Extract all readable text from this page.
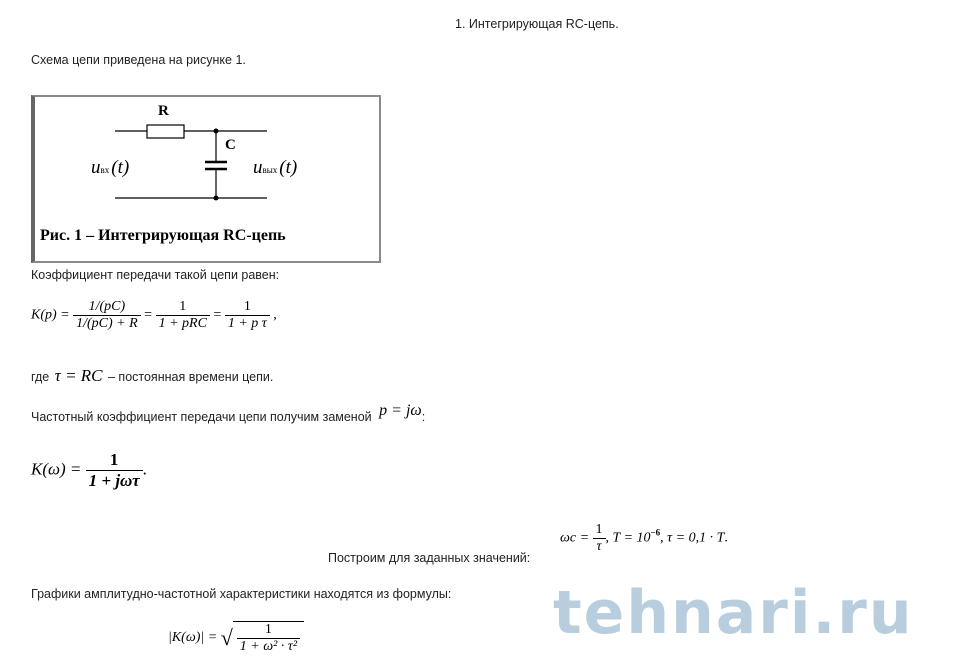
1. Интегрирующая RC-цепь.
Схема цепи приведена на рисунке 1.
R
C
uвх (t)	uвых (t)
Рис. 1 – Интегрирующая RC-цепь
Коэффициент передачи такой цепи равен:
$K(p) = \frac{1/(pC)}{1/(pC) + R} = \frac{1}{\text{1 + pRC}} = \frac{1}{\text{1 + p τ}}$ ,
где τ = RC – постоянная времени цепи.
Частотный коэффициент передачи цепи получим заменой p = jω:
$K(\omega) = \frac{1}{\text{1 + jωτ}}$ .
Построим для заданных значений:
$\omega c = \frac{1}{\tau}$ , $T = 10^{-6}$, τ = 0,1 · T.
Графики амплитудно-частотной характеристики находятся из формулы:
|K(ω)| = √ $\frac{1}{\text{1 + ω² · τ²}}$	tehnari.ru
